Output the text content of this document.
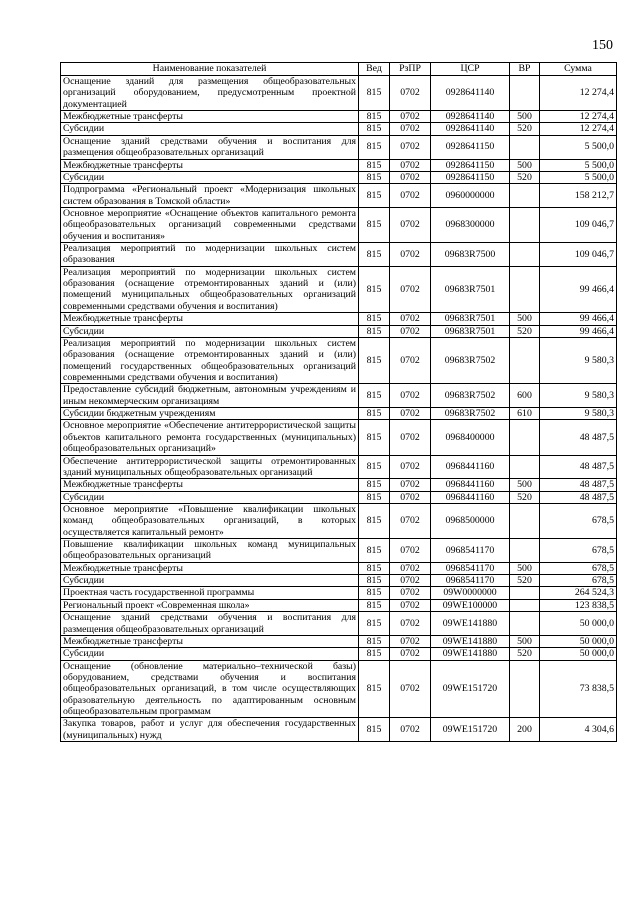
150
Наименование показателей	Вед	РзПР	ЦСР	ВР	Сумма
Оснащение зданий для размещения общеобразовательных организаций оборудованием, предусмотренным проектной документацией	815	0702	0928641140		12 274,4
Межбюджетные трансферты	815	0702	0928641140	500	12 274,4
Субсидии	815	0702	0928641140	520	12 274,4
Оснащение зданий средствами обучения и воспитания для размещения общеобразовательных организаций	815	0702	0928641150		5 500,0
Межбюджетные трансферты	815	0702	0928641150	500	5 500,0
Субсидии	815	0702	0928641150	520	5 500,0
Подпрограмма «Региональный проект «Модернизация школьных систем образования в Томской области»	815	0702	0960000000		158 212,7
Основное мероприятие «Оснащение объектов капитального ремонта общеобразовательных организаций современными средствами обучения и воспитания»	815	0702	0968300000		109 046,7
Реализация мероприятий по модернизации школьных систем образования	815	0702	09683R7500		109 046,7
Реализация мероприятий по модернизации школьных систем образования (оснащение отремонтированных зданий и (или) помещений муниципальных общеобразовательных организаций современными средствами обучения и воспитания)	815	0702	09683R7501		99 466,4
Межбюджетные трансферты	815	0702	09683R7501	500	99 466,4
Субсидии	815	0702	09683R7501	520	99 466,4
Реализация мероприятий по модернизации школьных систем образования (оснащение отремонтированных зданий и (или) помещений государственных общеобразовательных организаций современными средствами обучения и воспитания)	815	0702	09683R7502		9 580,3
Предоставление субсидий бюджетным, автономным учреждениям и иным некоммерческим организациям	815	0702	09683R7502	600	9 580,3
Субсидии бюджетным учреждениям	815	0702	09683R7502	610	9 580,3
Основное мероприятие «Обеспечение антитеррористической защиты объектов капитального ремонта государственных (муниципальных) общеобразовательных организаций»	815	0702	0968400000		48 487,5
Обеспечение антитеррористической защиты отремонтированных зданий муниципальных общеобразовательных организаций	815	0702	0968441160		48 487,5
Межбюджетные трансферты	815	0702	0968441160	500	48 487,5
Субсидии	815	0702	0968441160	520	48 487,5
Основное мероприятие «Повышение квалификации школьных команд общеобразовательных организаций, в которых осуществляется капитальный ремонт»	815	0702	0968500000		678,5
Повышение квалификации школьных команд муниципальных общеобразовательных организаций	815	0702	0968541170		678,5
Межбюджетные трансферты	815	0702	0968541170	500	678,5
Субсидии	815	0702	0968541170	520	678,5
Проектная часть государственной программы	815	0702	09W0000000		264 524,3
Региональный проект «Современная школа»	815	0702	09WE100000		123 838,5
Оснащение зданий средствами обучения и воспитания для размещения общеобразовательных организаций	815	0702	09WE141880		50 000,0
Межбюджетные трансферты	815	0702	09WE141880	500	50 000,0
Субсидии	815	0702	09WE141880	520	50 000,0
Оснащение (обновление материально–технической базы) оборудованием, средствами обучения и воспитания общеобразовательных организаций, в том числе осуществляющих образовательную деятельность по адаптированным основным общеобразовательным программам	815	0702	09WE151720		73 838,5
Закупка товаров, работ и услуг для обеспечения государственных (муниципальных) нужд	815	0702	09WE151720	200	4 304,6
